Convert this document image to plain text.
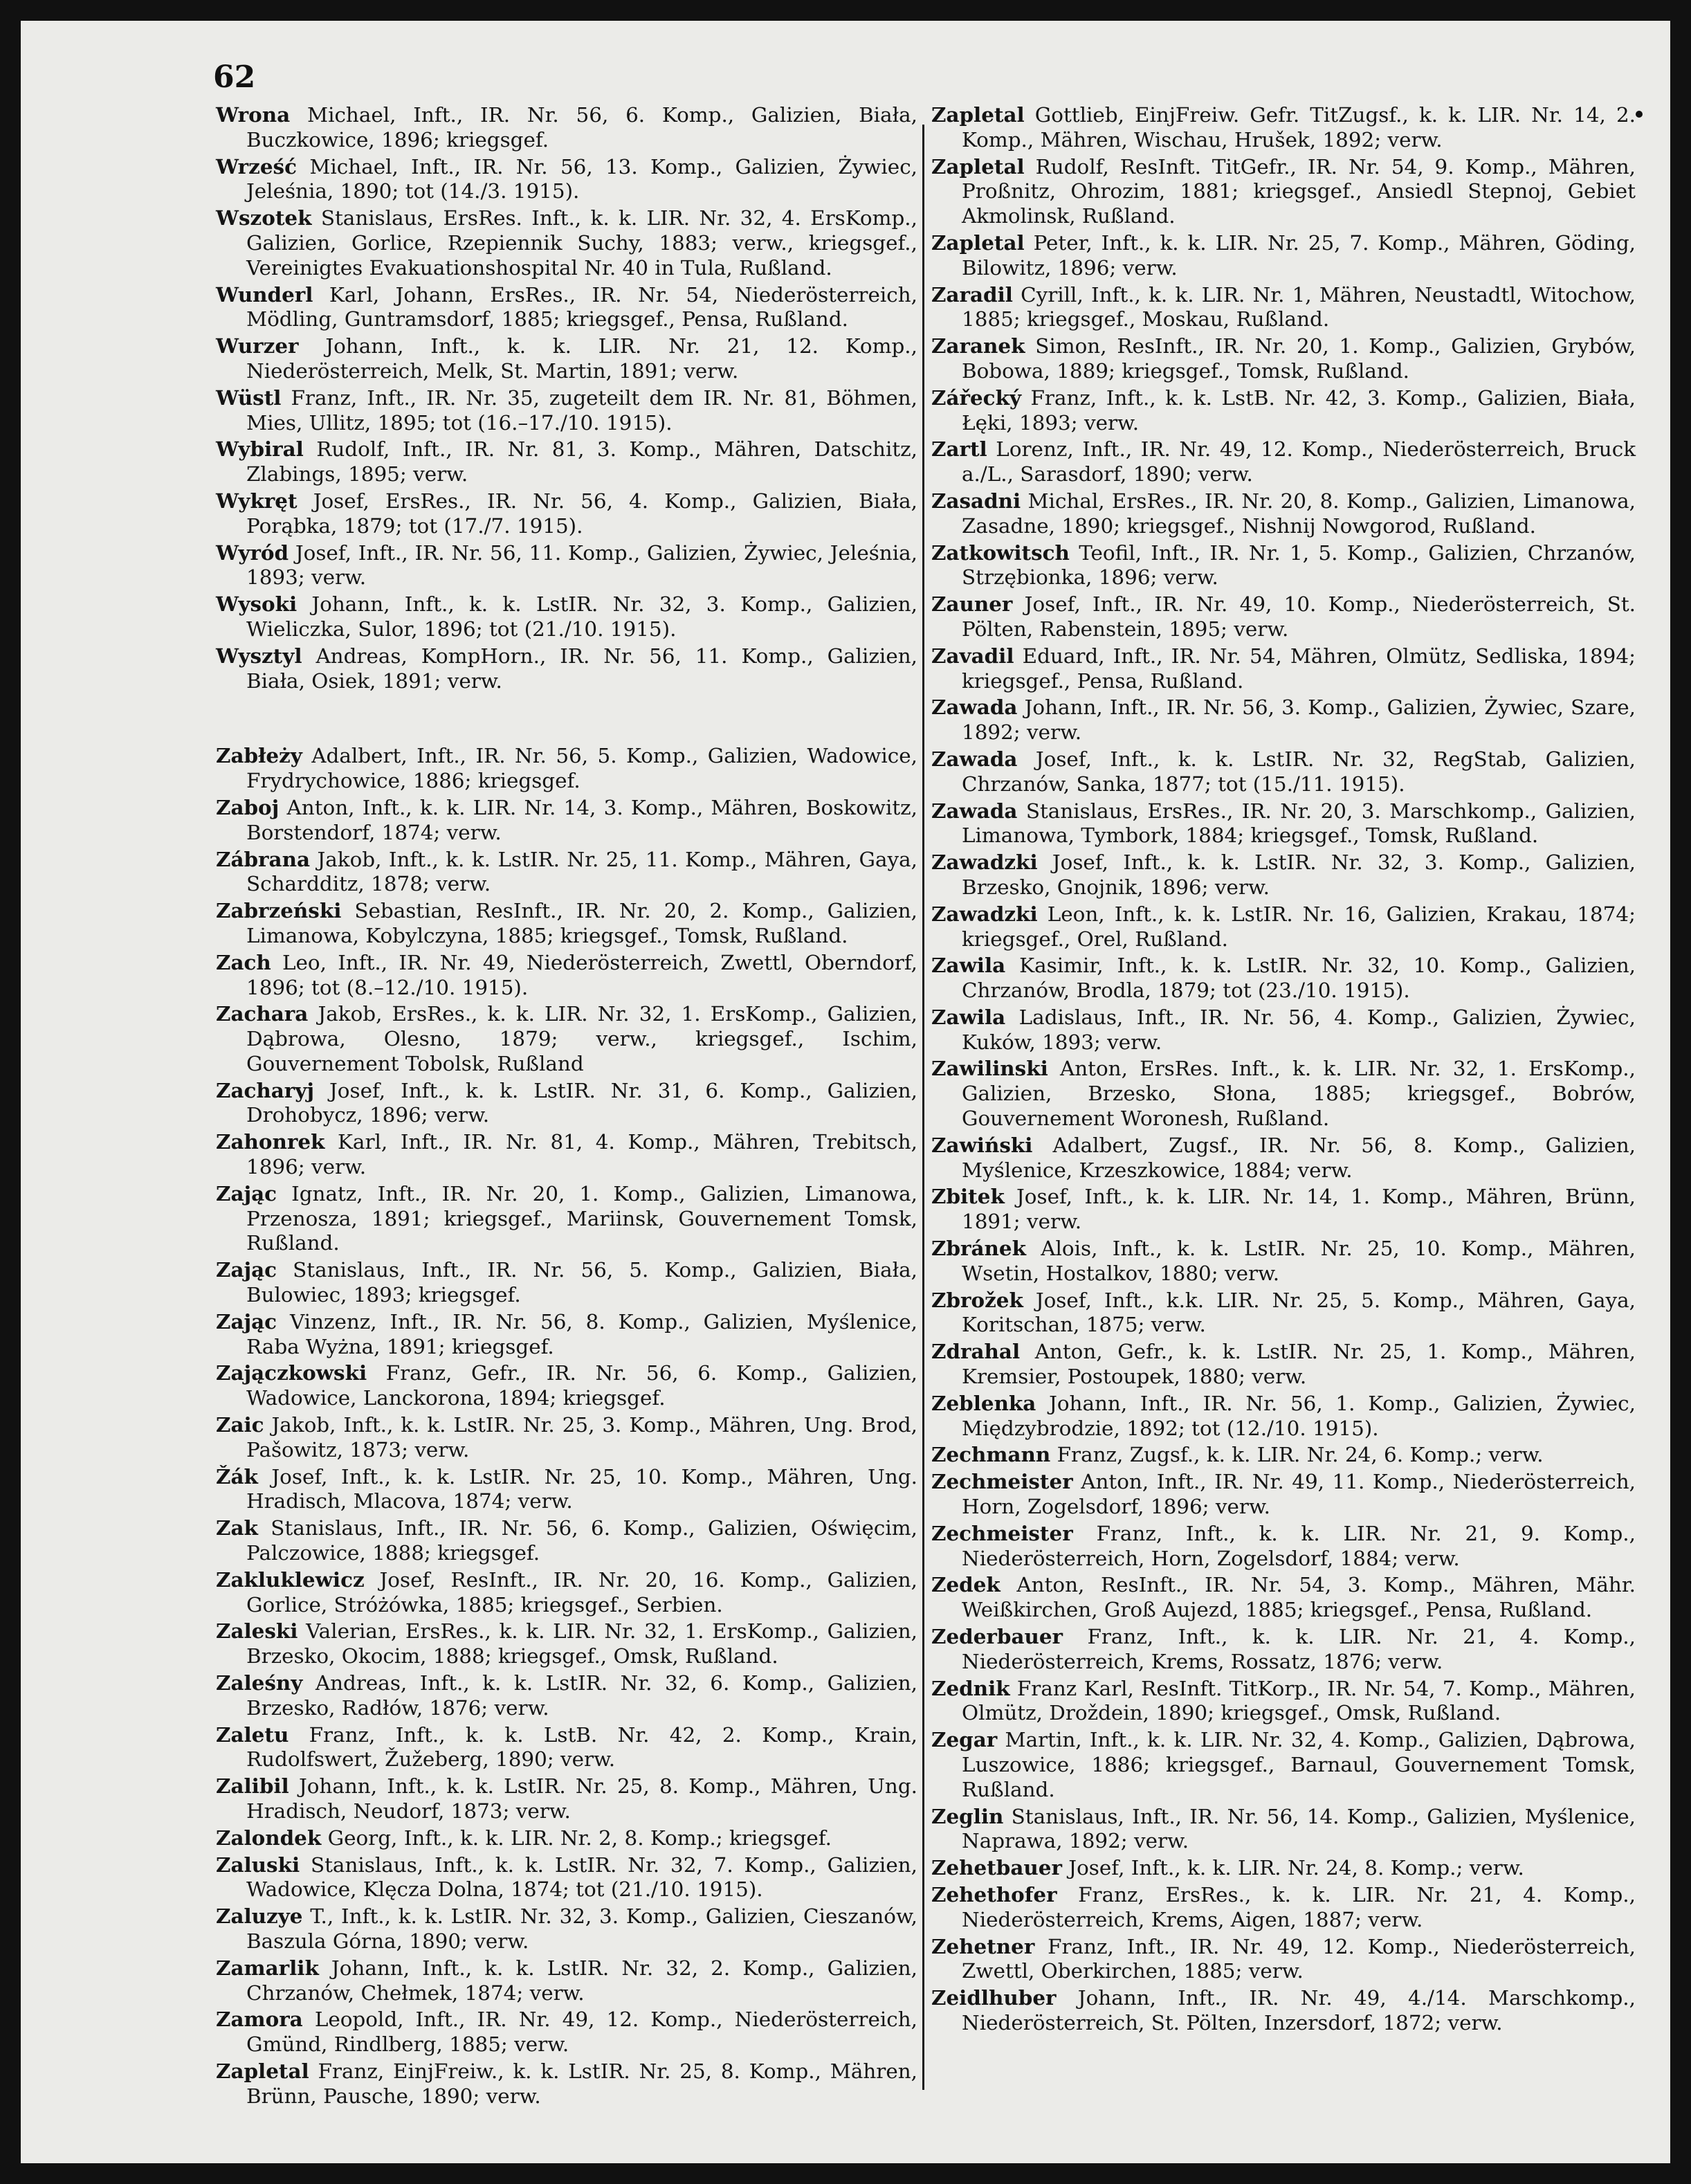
62
Wrona Michael, Inft., IR. Nr. 56, 6. Komp., Galizien, Biała, Buczkowice, 1896; kriegsgef.
Wrześć Michael, Inft., IR. Nr. 56, 13. Komp., Galizien, Żywiec, Jeleśnia, 1890; tot (14./3. 1915).
Wszotek Stanislaus, ErsRes. Inft., k. k. LIR. Nr. 32, 4. ErsKomp., Galizien, Gorlice, Rzepiennik Suchy, 1883; verw., kriegsgef., Vereinigtes Evakuationshospital Nr. 40 in Tula, Rußland.
Wunderl Karl, Johann, ErsRes., IR. Nr. 54, Niederösterreich, Mödling, Guntramsdorf, 1885; kriegsgef., Pensa, Rußland.
Wurzer Johann, Inft., k. k. LIR. Nr. 21, 12. Komp., Niederösterreich, Melk, St. Martin, 1891; verw.
Wüstl Franz, Inft., IR. Nr. 35, zugeteilt dem IR. Nr. 81, Böhmen, Mies, Ullitz, 1895; tot (16.–17./10. 1915).
Wybiral Rudolf, Inft., IR. Nr. 81, 3. Komp., Mähren, Datschitz, Zlabings, 1895; verw.
Wykręt Josef, ErsRes., IR. Nr. 56, 4. Komp., Galizien, Biała, Porąbka, 1879; tot (17./7. 1915).
Wyród Josef, Inft., IR. Nr. 56, 11. Komp., Galizien, Żywiec, Jeleśnia, 1893; verw.
Wysoki Johann, Inft., k. k. LstIR. Nr. 32, 3. Komp., Galizien, Wieliczka, Sulor, 1896; tot (21./10. 1915).
Wysztyl Andreas, KompHorn., IR. Nr. 56, 11. Komp., Galizien, Biała, Osiek, 1891; verw.
Zabłeży Adalbert, Inft., IR. Nr. 56, 5. Komp., Galizien, Wadowice, Frydrychowice, 1886; kriegsgef.
Zaboj Anton, Inft., k. k. LIR. Nr. 14, 3. Komp., Mähren, Boskowitz, Borstendorf, 1874; verw.
Zábrana Jakob, Inft., k. k. LstIR. Nr. 25, 11. Komp., Mähren, Gaya, Schardditz, 1878; verw.
Zabrzeński Sebastian, ResInft., IR. Nr. 20, 2. Komp., Galizien, Limanowa, Kobylczyna, 1885; kriegsgef., Tomsk, Rußland.
Zach Leo, Inft., IR. Nr. 49, Niederösterreich, Zwettl, Oberndorf, 1896; tot (8.–12./10. 1915).
Zachara Jakob, ErsRes., k. k. LIR. Nr. 32, 1. ErsKomp., Galizien, Dąbrowa, Olesno, 1879; verw., kriegsgef., Ischim, Gouvernement Tobolsk, Rußland
Zacharyj Josef, Inft., k. k. LstIR. Nr. 31, 6. Komp., Galizien, Drohobycz, 1896; verw.
Zahonrek Karl, Inft., IR. Nr. 81, 4. Komp., Mähren, Trebitsch, 1896; verw.
Zając Ignatz, Inft., IR. Nr. 20, 1. Komp., Galizien, Limanowa, Przenosza, 1891; kriegsgef., Mariinsk, Gouvernement Tomsk, Rußland.
Zając Stanislaus, Inft., IR. Nr. 56, 5. Komp., Galizien, Biała, Bulowiec, 1893; kriegsgef.
Zając Vinzenz, Inft., IR. Nr. 56, 8. Komp., Galizien, Myślenice, Raba Wyżna, 1891; kriegsgef.
Zajączkowski Franz, Gefr., IR. Nr. 56, 6. Komp., Galizien, Wadowice, Lanckorona, 1894; kriegsgef.
Zaic Jakob, Inft., k. k. LstIR. Nr. 25, 3. Komp., Mähren, Ung. Brod, Pašowitz, 1873; verw.
Žák Josef, Inft., k. k. LstIR. Nr. 25, 10. Komp., Mähren, Ung. Hradisch, Mlacova, 1874; verw.
Zak Stanislaus, Inft., IR. Nr. 56, 6. Komp., Galizien, Oświęcim, Palczowice, 1888; kriegsgef.
Zakluklewicz Josef, ResInft., IR. Nr. 20, 16. Komp., Galizien, Gorlice, Stróżówka, 1885; kriegsgef., Serbien.
Zaleski Valerian, ErsRes., k. k. LIR. Nr. 32, 1. ErsKomp., Galizien, Brzesko, Okocim, 1888; kriegsgef., Omsk, Rußland.
Zaleśny Andreas, Inft., k. k. LstIR. Nr. 32, 6. Komp., Galizien, Brzesko, Radłów, 1876; verw.
Zaletu Franz, Inft., k. k. LstB. Nr. 42, 2. Komp., Krain, Rudolfswert, Žužeberg, 1890; verw.
Zalibil Johann, Inft., k. k. LstIR. Nr. 25, 8. Komp., Mähren, Ung. Hradisch, Neudorf, 1873; verw.
Zalondek Georg, Inft., k. k. LIR. Nr. 2, 8. Komp.; kriegsgef.
Zaluski Stanislaus, Inft., k. k. LstIR. Nr. 32, 7. Komp., Galizien, Wadowice, Klęcza Dolna, 1874; tot (21./10. 1915).
Zaluzye T., Inft., k. k. LstIR. Nr. 32, 3. Komp., Galizien, Cieszanów, Baszula Górna, 1890; verw.
Zamarlik Johann, Inft., k. k. LstIR. Nr. 32, 2. Komp., Galizien, Chrzanów, Chełmek, 1874; verw.
Zamora Leopold, Inft., IR. Nr. 49, 12. Komp., Niederösterreich, Gmünd, Rindlberg, 1885; verw.
Zapletal Franz, EinjFreiw., k. k. LstIR. Nr. 25, 8. Komp., Mähren, Brünn, Pausche, 1890; verw.
Zapletal Gottlieb, EinjFreiw. Gefr. TitZugsf., k. k. LIR. Nr. 14, 2. Komp., Mähren, Wischau, Hrušek, 1892; verw.
Zapletal Rudolf, ResInft. TitGefr., IR. Nr. 54, 9. Komp., Mähren, Proßnitz, Ohrozim, 1881; kriegsgef., Ansiedl Stepnoj, Gebiet Akmolinsk, Rußland.
Zapletal Peter, Inft., k. k. LIR. Nr. 25, 7. Komp., Mähren, Göding, Bilowitz, 1896; verw.
Zaradil Cyrill, Inft., k. k. LIR. Nr. 1, Mähren, Neustadtl, Witochow, 1885; kriegsgef., Moskau, Rußland.
Zaranek Simon, ResInft., IR. Nr. 20, 1. Komp., Galizien, Grybów, Bobowa, 1889; kriegsgef., Tomsk, Rußland.
Zářecký Franz, Inft., k. k. LstB. Nr. 42, 3. Komp., Galizien, Biała, Łęki, 1893; verw.
Zartl Lorenz, Inft., IR. Nr. 49, 12. Komp., Niederösterreich, Bruck a./L., Sarasdorf, 1890; verw.
Zasadni Michal, ErsRes., IR. Nr. 20, 8. Komp., Galizien, Limanowa, Zasadne, 1890; kriegsgef., Nishnij Nowgorod, Rußland.
Zatkowitsch Teofil, Inft., IR. Nr. 1, 5. Komp., Galizien, Chrzanów, Strzębionka, 1896; verw.
Zauner Josef, Inft., IR. Nr. 49, 10. Komp., Niederösterreich, St. Pölten, Rabenstein, 1895; verw.
Zavadil Eduard, Inft., IR. Nr. 54, Mähren, Olmütz, Sedliska, 1894; kriegsgef., Pensa, Rußland.
Zawada Johann, Inft., IR. Nr. 56, 3. Komp., Galizien, Żywiec, Szare, 1892; verw.
Zawada Josef, Inft., k. k. LstIR. Nr. 32, RegStab, Galizien, Chrzanów, Sanka, 1877; tot (15./11. 1915).
Zawada Stanislaus, ErsRes., IR. Nr. 20, 3. Marschkomp., Galizien, Limanowa, Tymbork, 1884; kriegsgef., Tomsk, Rußland.
Zawadzki Josef, Inft., k. k. LstIR. Nr. 32, 3. Komp., Galizien, Brzesko, Gnojnik, 1896; verw.
Zawadzki Leon, Inft., k. k. LstIR. Nr. 16, Galizien, Krakau, 1874; kriegsgef., Orel, Rußland.
Zawila Kasimir, Inft., k. k. LstIR. Nr. 32, 10. Komp., Galizien, Chrzanów, Brodla, 1879; tot (23./10. 1915).
Zawila Ladislaus, Inft., IR. Nr. 56, 4. Komp., Galizien, Żywiec, Kuków, 1893; verw.
Zawilinski Anton, ErsRes. Inft., k. k. LIR. Nr. 32, 1. ErsKomp., Galizien, Brzesko, Słona, 1885; kriegsgef., Bobrów, Gouvernement Woronesh, Rußland.
Zawiński Adalbert, Zugsf., IR. Nr. 56, 8. Komp., Galizien, Myślenice, Krzeszkowice, 1884; verw.
Zbitek Josef, Inft., k. k. LIR. Nr. 14, 1. Komp., Mähren, Brünn, 1891; verw.
Zbránek Alois, Inft., k. k. LstIR. Nr. 25, 10. Komp., Mähren, Wsetin, Hostalkov, 1880; verw.
Zbrožek Josef, Inft., k.k. LIR. Nr. 25, 5. Komp., Mähren, Gaya, Koritschan, 1875; verw.
Zdrahal Anton, Gefr., k. k. LstIR. Nr. 25, 1. Komp., Mähren, Kremsier, Postoupek, 1880; verw.
Zeblenka Johann, Inft., IR. Nr. 56, 1. Komp., Galizien, Żywiec, Międzybrodzie, 1892; tot (12./10. 1915).
Zechmann Franz, Zugsf., k. k. LIR. Nr. 24, 6. Komp.; verw.
Zechmeister Anton, Inft., IR. Nr. 49, 11. Komp., Niederösterreich, Horn, Zogelsdorf, 1896; verw.
Zechmeister Franz, Inft., k. k. LIR. Nr. 21, 9. Komp., Niederösterreich, Horn, Zogelsdorf, 1884; verw.
Zedek Anton, ResInft., IR. Nr. 54, 3. Komp., Mähren, Mähr. Weißkirchen, Groß Aujezd, 1885; kriegsgef., Pensa, Rußland.
Zederbauer Franz, Inft., k. k. LIR. Nr. 21, 4. Komp., Niederösterreich, Krems, Rossatz, 1876; verw.
Zednik Franz Karl, ResInft. TitKorp., IR. Nr. 54, 7. Komp., Mähren, Olmütz, Droždein, 1890; kriegsgef., Omsk, Rußland.
Zegar Martin, Inft., k. k. LIR. Nr. 32, 4. Komp., Galizien, Dąbrowa, Luszowice, 1886; kriegsgef., Barnaul, Gouvernement Tomsk, Rußland.
Zeglin Stanislaus, Inft., IR. Nr. 56, 14. Komp., Galizien, Myślenice, Naprawa, 1892; verw.
Zehetbauer Josef, Inft., k. k. LIR. Nr. 24, 8. Komp.; verw.
Zehethofer Franz, ErsRes., k. k. LIR. Nr. 21, 4. Komp., Niederösterreich, Krems, Aigen, 1887; verw.
Zehetner Franz, Inft., IR. Nr. 49, 12. Komp., Niederösterreich, Zwettl, Oberkirchen, 1885; verw.
Zeidlhuber Johann, Inft., IR. Nr. 49, 4./14. Marschkomp., Niederösterreich, St. Pölten, Inzersdorf, 1872; verw.
